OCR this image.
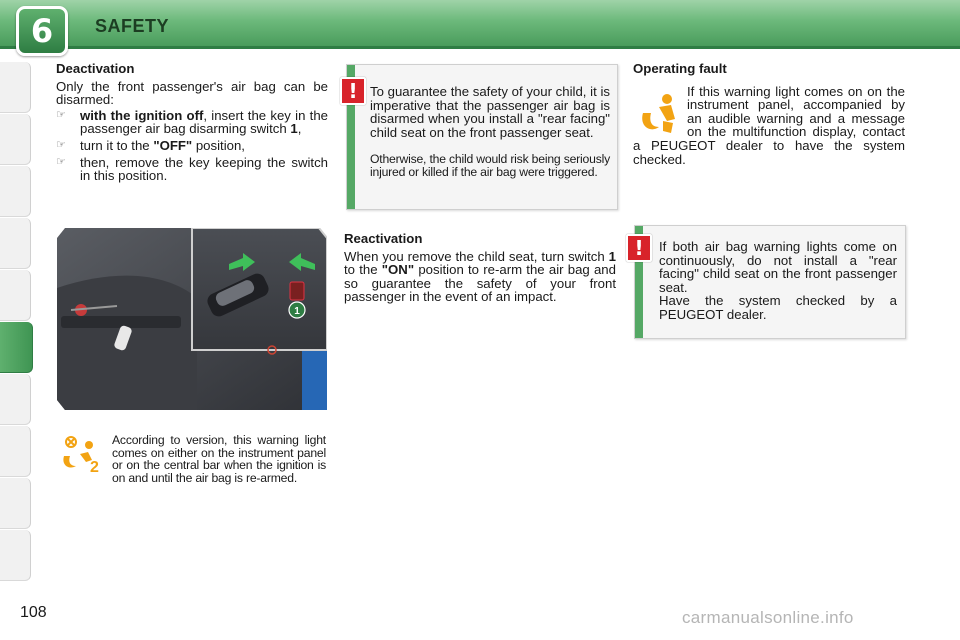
6	SAFETY
Deactivation

Only the front passenger's air bag can be disarmed:

☞ with the ignition off, insert the key in the passenger air bag disarming switch 1,
☞ turn it to the "OFF" position,
☞ then, remove the key keeping the switch in this position.
1
2
According to version, this warning light comes on either on the instrument panel or on the central bar when the ignition is on and until the air bag is re-armed.
To guarantee the safety of your child, it is imperative that the passenger air bag is disarmed when you install a "rear facing" child seat on the front passenger seat.
Otherwise, the child would risk being seriously injured or killed if the air bag were triggered.
!
Reactivation

When you remove the child seat, turn switch 1 to the "ON" position to re-arm the air bag and so guarantee the safety of your front passenger in the event of an impact.

Operating fault

If this warning light comes on on the instrument panel, accompanied by an audible warning and a message on the multifunction display, contact a PEUGEOT dealer to have the system checked.

If both air bag warning lights come on continuously, do not install a "rear facing" child seat on the front passenger seat.
Have the system checked by a PEUGEOT dealer.
!
108	carmanualsonline.info
